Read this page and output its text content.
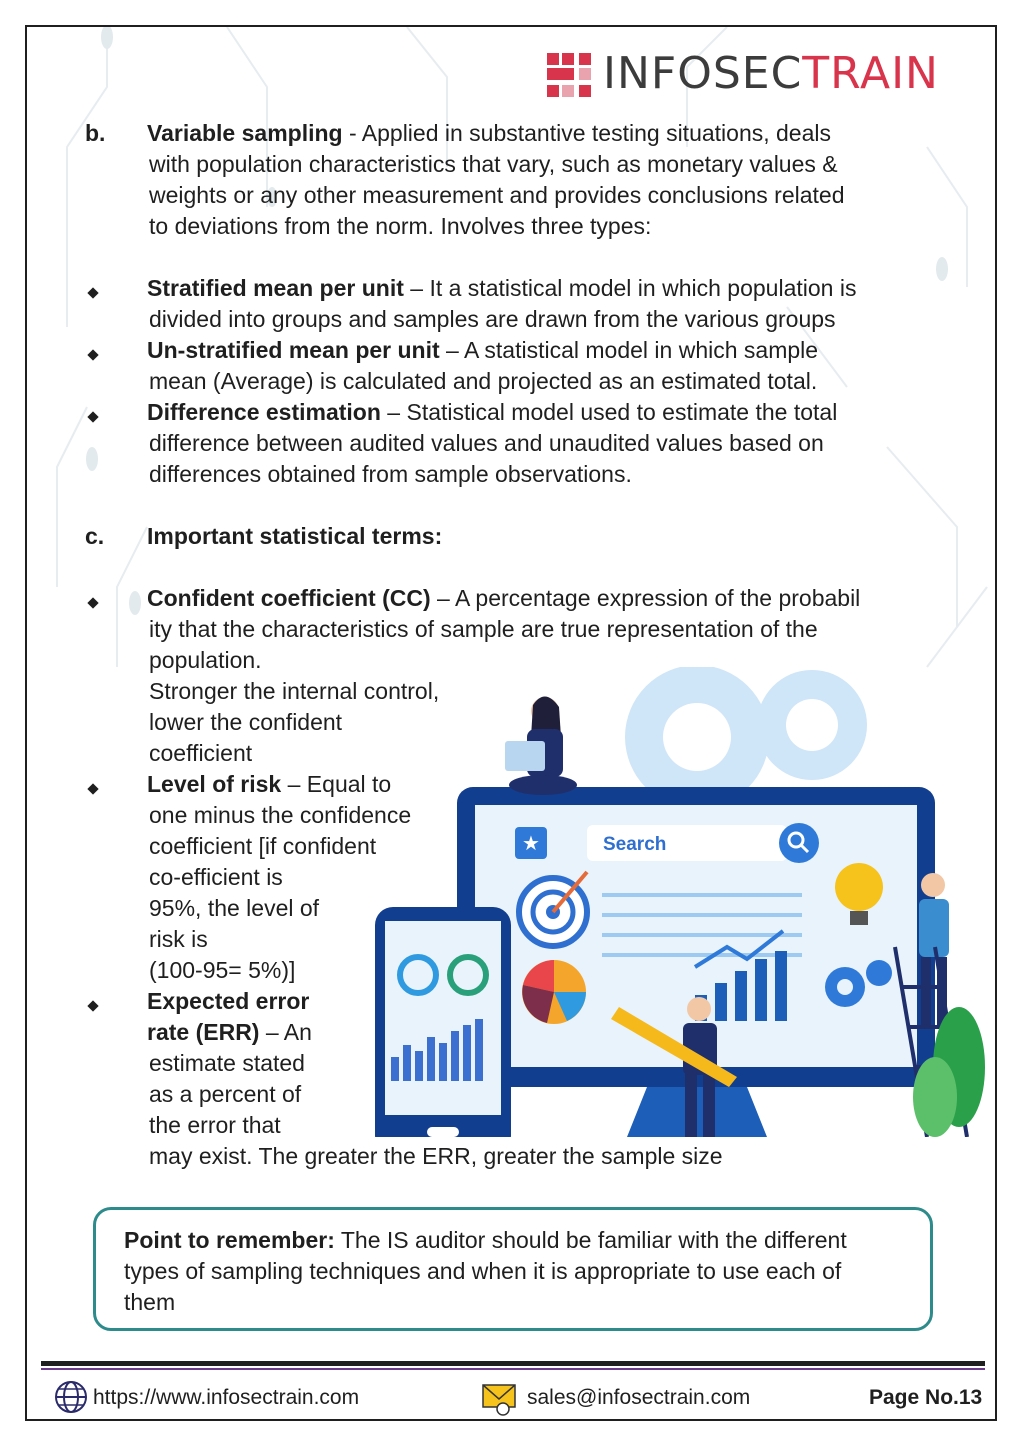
INFOSECTRAIN
b. Variable sampling - Applied in substantive testing situations, deals
with population characteristics that vary, such as monetary values &
weights or any other measurement and provides conclusions related
to deviations from the norm. Involves three types:
Stratified mean per unit – It a statistical model in which population is
divided into groups and samples are drawn from the various groups
Un-stratified mean per unit – A statistical model in which sample
mean (Average) is calculated and projected as an estimated total.
Difference estimation – Statistical model used to estimate the total
difference between audited values and unaudited values based on
differences obtained from sample observations.
c. Important statistical terms:
Confident coefficient (CC) – A percentage expression of the probabil
ity that the characteristics of sample are true representation of the
population.
Stronger the internal control,
lower the confident
coefficient
Level of risk – Equal to
one minus the confidence
coefficient [if confident
co-efficient is
95%, the level of
risk is
(100-95= 5%)]
Expected error
rate (ERR) – An
estimate stated
as a percent of
the error that
may exist. The greater the ERR, greater the sample size
★	Search
Point to remember: The IS auditor should be familiar with the different
types of sampling techniques and when it is appropriate to use each of
them
https://www.infosectrain.com	sales@infosectrain.com	Page No.13
